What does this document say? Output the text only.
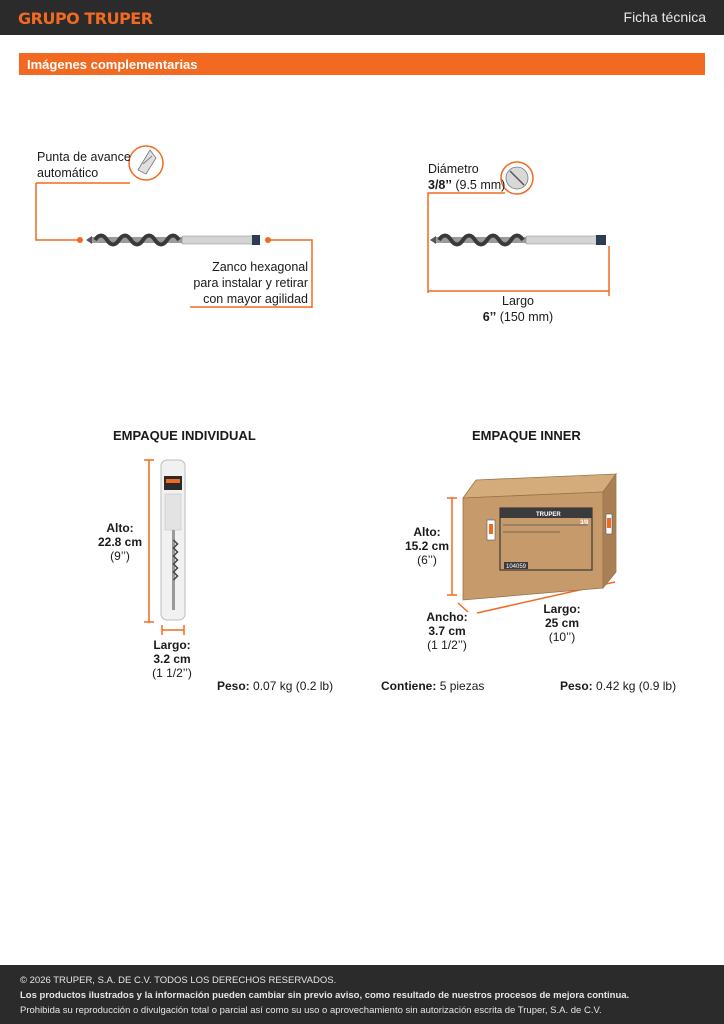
GRUPO TRUPER	Ficha técnica
Imágenes complementarias
Punta de avance
automático
Zanco hexagonal
para instalar y retirar
con mayor agilidad
Diámetro
3/8’’ (9.5 mm)
Largo
6’’ (150 mm)
EMPAQUE INDIVIDUAL	EMPAQUE INNER
TRUPER
104059
3/8
Alto:
22.8 cm
(9’’)
Largo:
3.2 cm
(1 1/2’’)
Peso: 0.07 kg (0.2 lb)
Alto:
15.2 cm
(6’’)
Ancho:
3.7 cm
(1 1/2’’)
Largo:
25 cm
(10’’)
Contiene: 5 piezas	Peso: 0.42 kg (0.9 lb)
© 2026 TRUPER, S.A. DE C.V. TODOS LOS DERECHOS RESERVADOS.
Los productos ilustrados y la información pueden cambiar sin previo aviso, como resultado de nuestros procesos de mejora continua.
Prohibida su reproducción o divulgación total o parcial así como su uso o aprovechamiento sin autorización escrita de Truper, S.A. de C.V.
